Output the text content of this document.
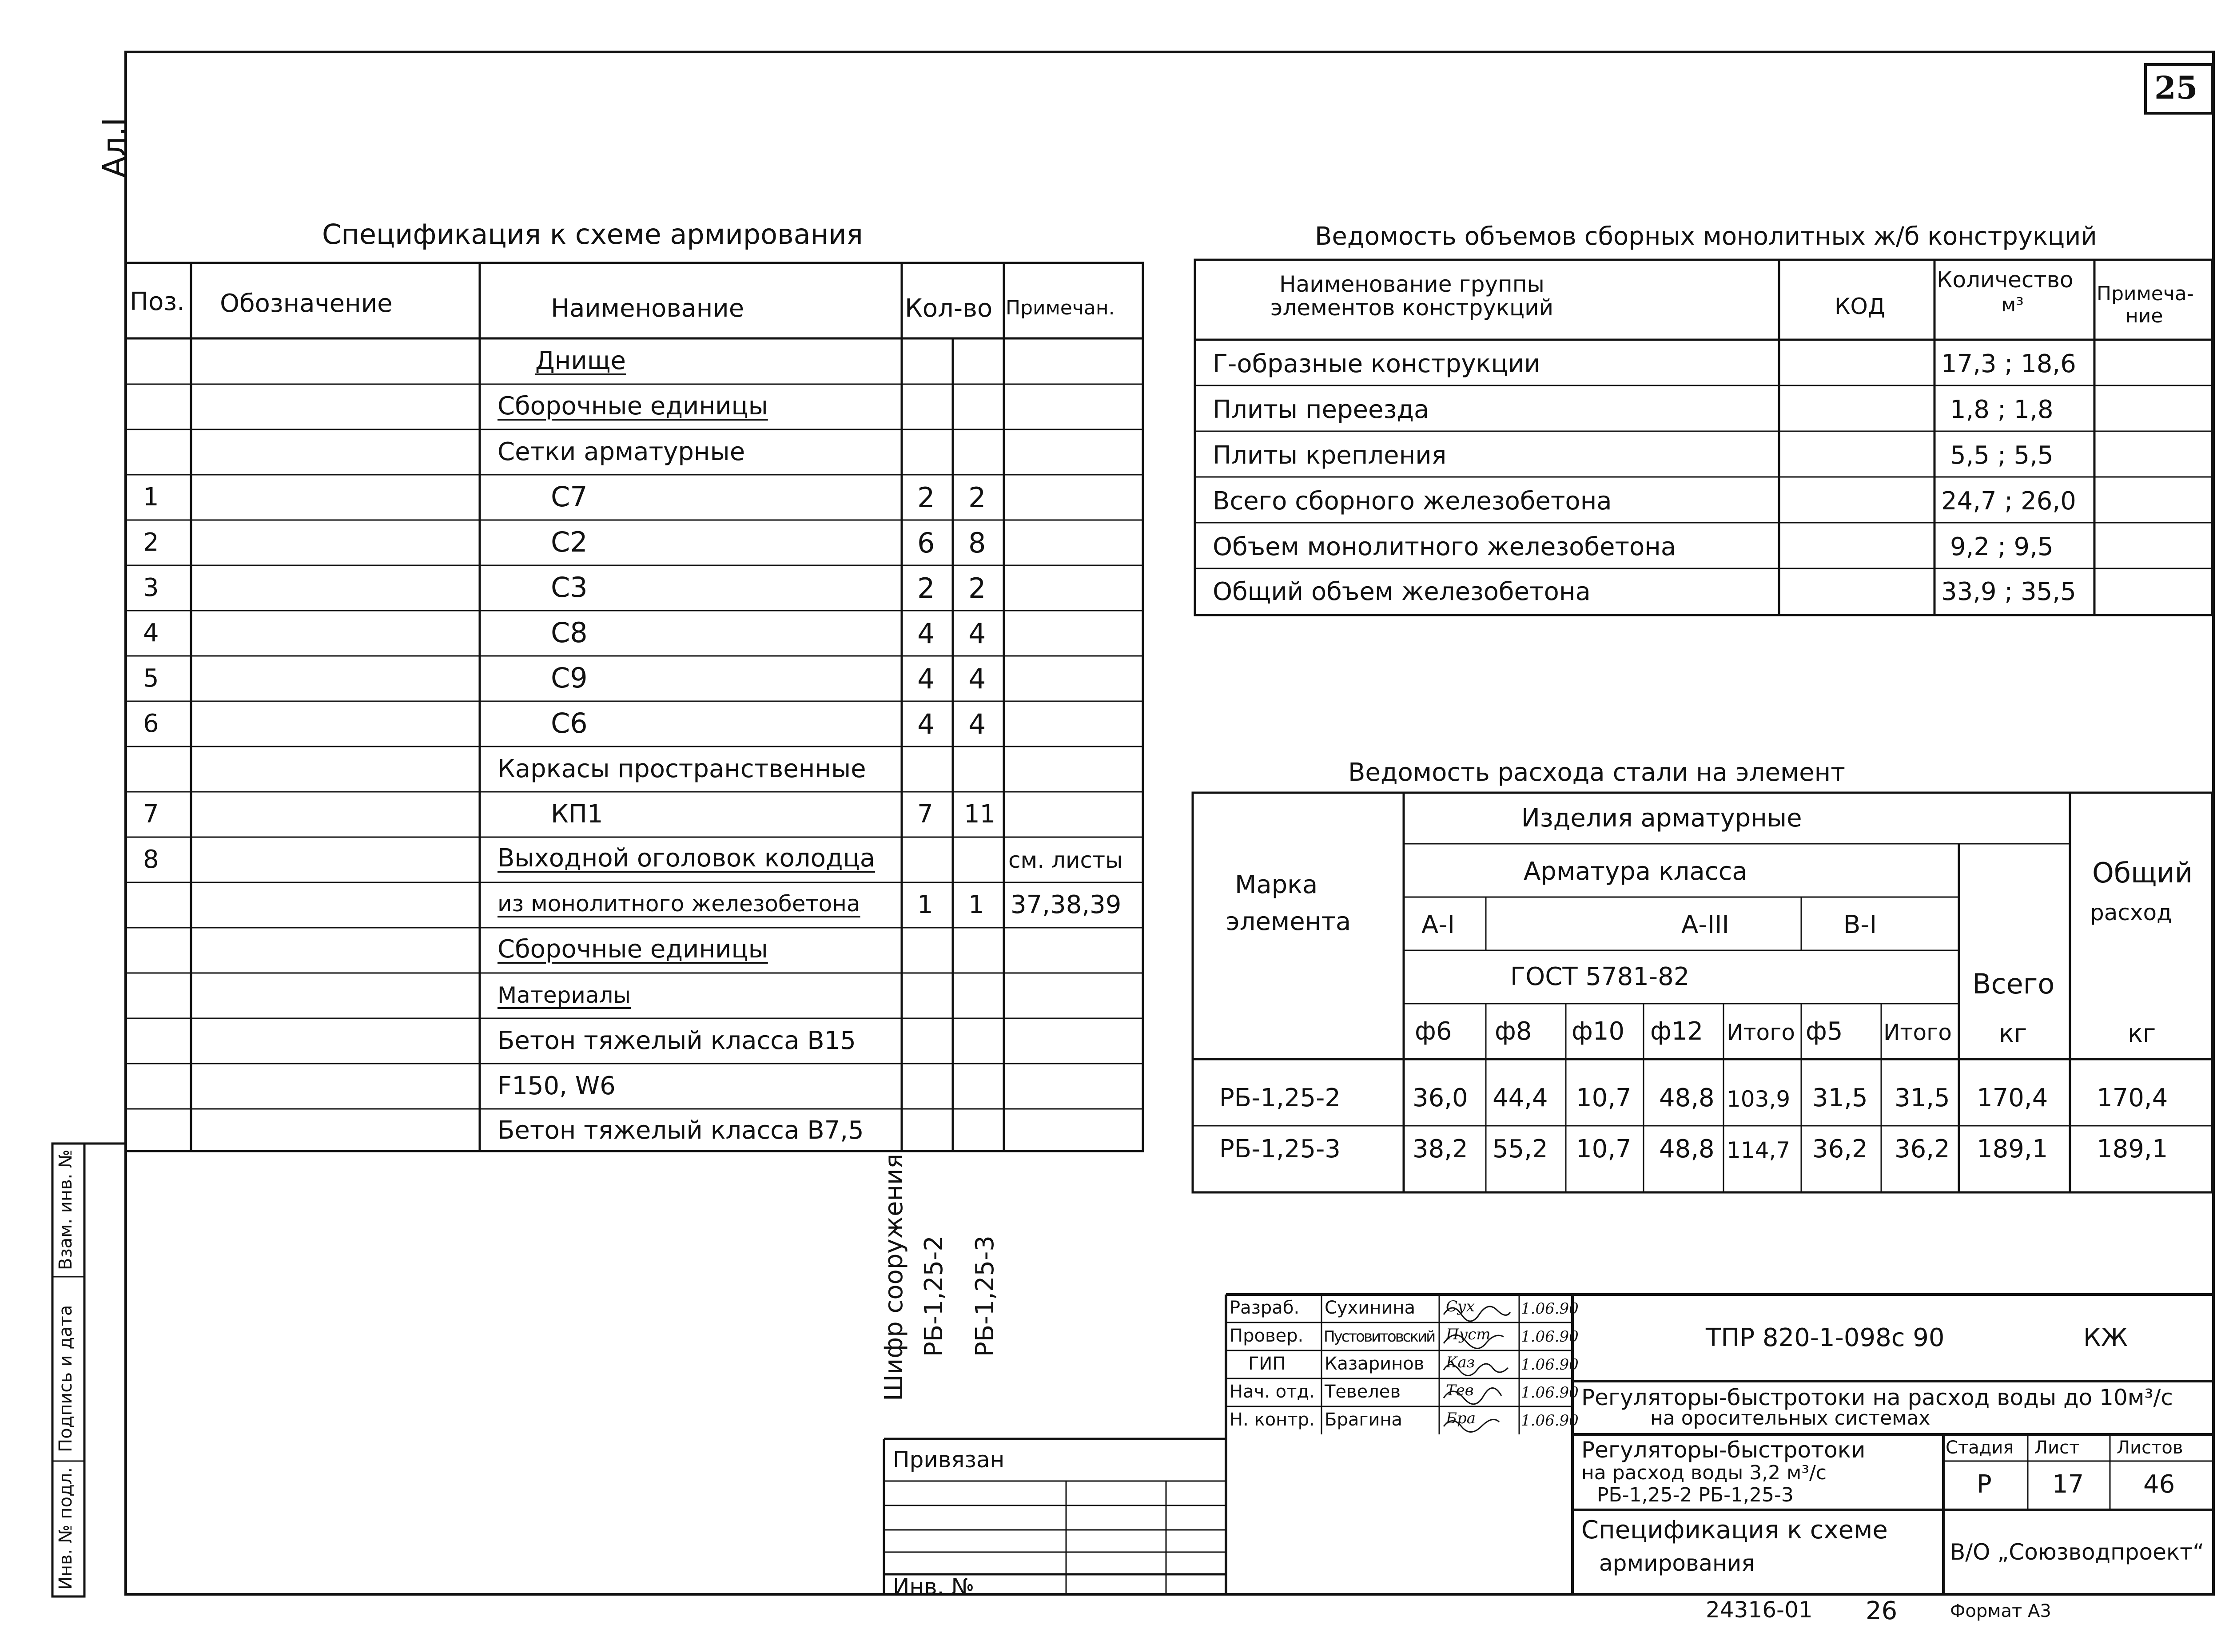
25
Ал.I
Спецификация к схеме армирования
Поз. Обозначение	Наименование	Кол-во Примечан.
Днище
Сборочные единицы
Сетки арматурные
1	С7	2 2
2	С2	6 8
3	С3	2 2
4	С8	4 4
5	С9	4 4
6	С6	4 4
Каркасы пространственные
7	КП1	7 11
8	Выходной оголовок колодца	см. листы
из монолитного железобетона 1 1 37,38,39
Сборочные единицы
Материалы
Бетон тяжелый класса В15
F150, W6
Бетон тяжелый класса В7,5
Ведомость объемов сборных монолитных ж/б конструкций
Наименование группы
элементов конструкций	КОД
Количество
м³	Примеча-
ние
Г-образные конструкции	17,3 ; 18,6
Плиты переезда	1,8 ; 1,8
Плиты крепления	5,5 ; 5,5
Всего сборного железобетона	24,7 ; 26,0
Объем монолитного железобетона	9,2 ; 9,5
Общий объем железобетона	33,9 ; 35,5
Ведомость расхода стали на элемент
Марка
элемента
Изделия арматурные
Арматура класса
А-I	А-III	В-I
ГОСТ 5781-82	Всего
Общий
расход
ф6 ф8 ф10 ф12 Итого ф5 Итого кг	кг
РБ-1,25-2	36,0 44,4 10,7 48,8 103,9 31,5 31,5 170,4 170,4
РБ-1,25-3	38,2 55,2 10,7 48,8 114,7 36,2 36,2 189,1 189,1
Шифр сооружения РБ-1,25-2 РБ-1,25-3
Инв. № подл.
Подпись и дата
Взам. инв. №
Привязан
Инв. №
Разраб. Сухинина Сух	1.06.90
Провер. Пустовитовский Пуст 1.06.90
ГИП Казаринов Каз	1.06.90
Нач. отд. Тевелев	Тев	1.06.90
Н. контр. Брагина	Бра	1.06.90
ТПР 820-1-098с 90	КЖ
Регуляторы-быстротоки на расход воды до 10м³/с
на оросительных системах
Регуляторы-быстротоки
на расход воды 3,2 м³/с
РБ-1,25-2 РБ-1,25-3
Стадия Лист Листов
Р 17 46
Спецификация к схеме
армирования	В/О „Союзводпроект“
24316-01 26	Формат А3
